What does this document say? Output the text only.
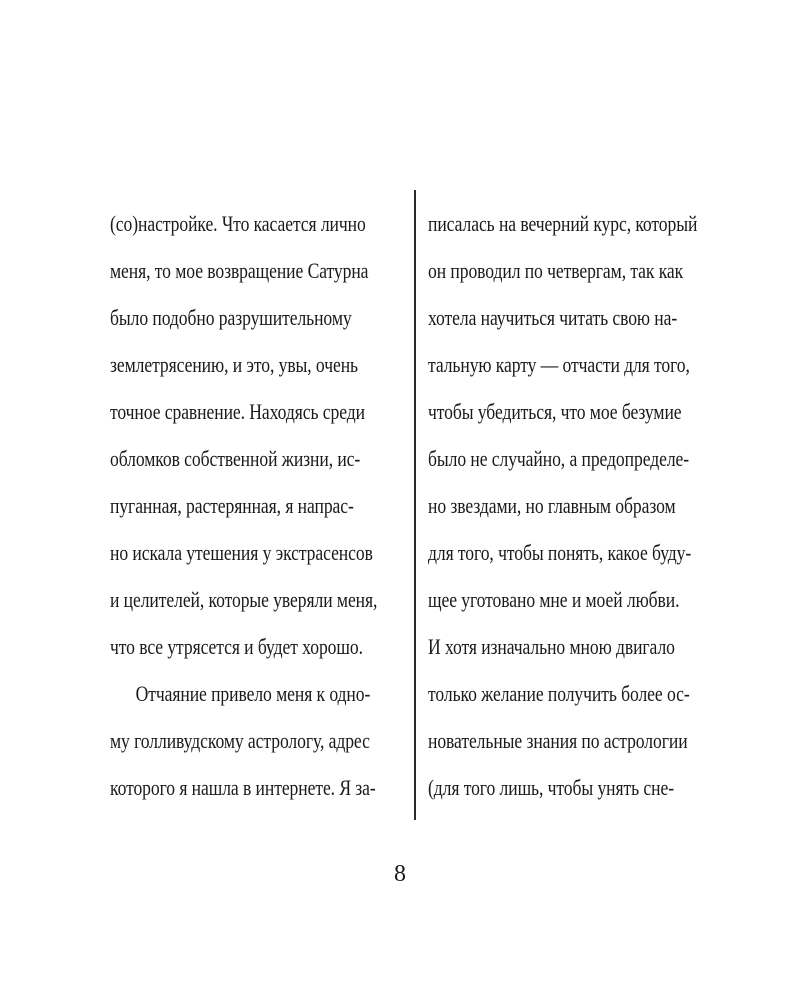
(со)настройке. Что касается лично
меня, то мое возвращение Сатурна
было подобно разрушительному
землетрясению, и это, увы, очень
точное сравнение. Находясь среди
обломков собственной жизни, ис-
пуганная, растерянная, я напрас-
но искала утешения у экстрасенсов
и целителей, которые уверяли меня,
что все утрясется и будет хорошо.
Отчаяние привело меня к одно-
му голливудскому астрологу, адрес
которого я нашла в интернете. Я за-
писалась на вечерний курс, который
он проводил по четвергам, так как
хотела научиться читать свою на-
тальную карту — отчасти для того,
чтобы убедиться, что мое безумие
было не случайно, а предопределе-
но звездами, но главным образом
для того, чтобы понять, какое буду-
щее уготовано мне и моей любви.
И хотя изначально мною двигало
только желание получить более ос-
новательные знания по астрологии
(для того лишь, чтобы унять сне-
8
